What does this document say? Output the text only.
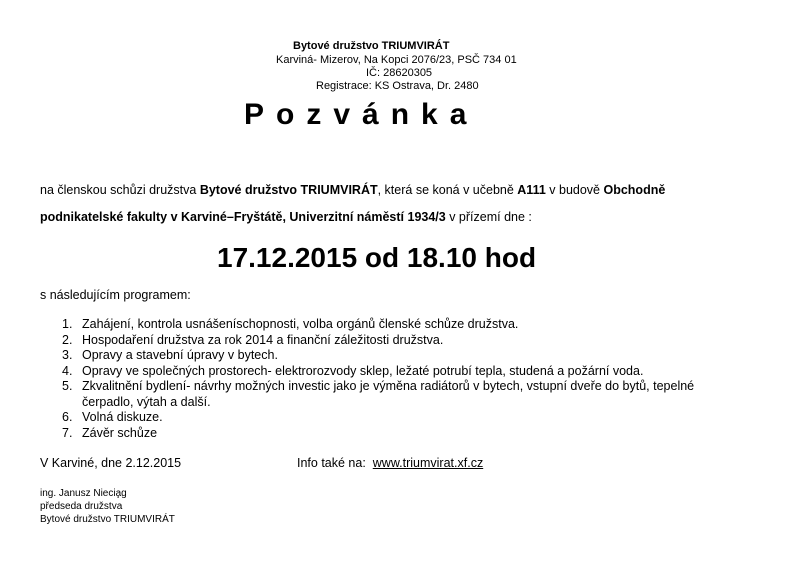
Bytové družstvo TRIUMVIRÁT
Karviná- Mizerov, Na Kopci 2076/23, PSČ 734 01
IČ: 28620305
Registrace: KS Ostrava, Dr. 2480
Pozvánka
na členskou schůzi družstva Bytové družstvo TRIUMVIRÁT, která se koná v učebně A111 v budově Obchodně
podnikatelské fakulty v Karviné–Fryštátě, Univerzitní náměstí 1934/3 v přízemí dne :
17.12.2015 od 18.10 hod
s následujícím programem:
1. Zahájení, kontrola usnášeníschopnosti, volba orgánů členské schůze družstva.
2. Hospodaření družstva za rok 2014 a finanční záležitosti družstva.
3. Opravy a stavební úpravy v bytech.
4. Opravy ve společných prostorech- elektrorozvody sklep, ležaté potrubí tepla, studená a požární voda.
5. Zkvalitnění bydlení- návrhy možných investic jako je výměna radiátorů v bytech, vstupní dveře do bytů, tepelné čerpadlo, výtah a další.
6. Volná diskuze.
7. Závěr schůze
V Karviné, dne 2.12.2015	Info také na: www.triumvirat.xf.cz
ing. Janusz Niecia̧g
předseda družstva
Bytové družstvo TRIUMVIRÁT
